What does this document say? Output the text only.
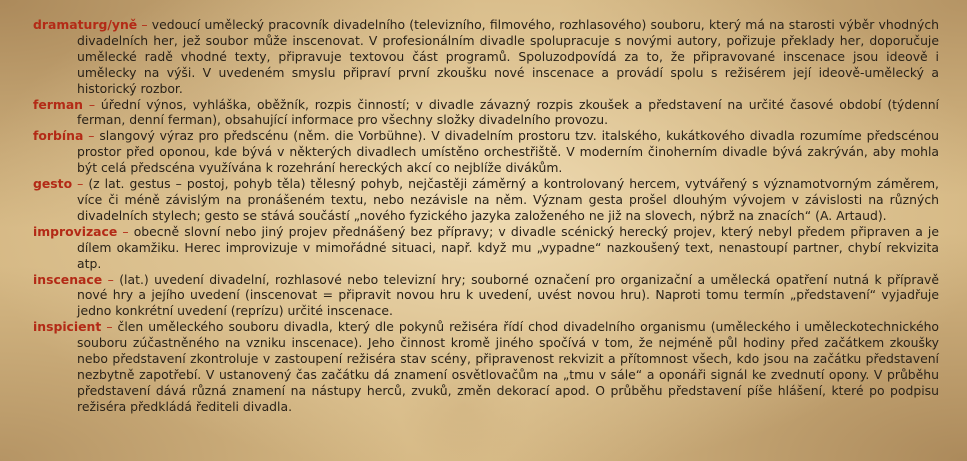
dramaturg/yně – vedoucí umělecký pracovník divadelního (televizního, filmového, rozhlasového) souboru, který má na starosti výběr vhodných divadelních her, jež soubor může inscenovat. V profesionálním divadle spolupracuje s novými autory, pořizuje překlady her, doporučuje umělecké radě vhodné texty, připravuje textovou část programů. Spoluzodpovídá za to, že připravované inscenace jsou ideově i umělecky na výši. V uvedeném smyslu připraví první zkoušku nové inscenace a provádí spolu s režisérem její ideově-umělecký a historický rozbor.

ferman – úřední výnos, vyhláška, oběžník, rozpis činností; v divadle závazný rozpis zkoušek a představení na určité časové období (týdenní ferman, denní ferman), obsahující informace pro všechny složky divadelního provozu.

forbína – slangový výraz pro předscénu (něm. die Vorbühne). V divadelním prostoru tzv. italského, kukátkového divadla rozumíme předscénou prostor před oponou, kde bývá v některých divadlech umístěno orchestřiště. V moderním činoherním divadle bývá zakrýván, aby mohla být celá předscéna využívána k rozehrání hereckých akcí co nejblíže divákům.

gesto – (z lat. gestus – postoj, pohyb těla) tělesný pohyb, nejčastěji záměrný a kontrolovaný hercem, vytvářený s významotvorným záměrem, více či méně závislým na pronášeném textu, nebo nezávisle na něm. Význam gesta prošel dlouhým vývojem v závislosti na různých divadelních stylech; gesto se stává součástí „nového fyzického jazyka založeného ne již na slovech, nýbrž na znacích“ (A. Artaud).

improvizace – obecně slovní nebo jiný projev přednášený bez přípravy; v divadle scénický herecký projev, který nebyl předem připraven a je dílem okamžiku. Herec improvizuje v mimořádné situaci, např. když mu „vypadne“ nazkoušený text, nenastoupí partner, chybí rekvizita atp.

inscenace – (lat.) uvedení divadelní, rozhlasové nebo televizní hry; souborné označení pro organizační a umělecká opatření nutná k přípravě nové hry a jejího uvedení (inscenovat = připravit novou hru k uvedení, uvést novou hru). Naproti tomu termín „představení“ vyjadřuje jedno konkrétní uvedení (reprízu) určité inscenace.

inspicient – člen uměleckého souboru divadla, který dle pokynů režiséra řídí chod divadelního organismu (uměleckého i uměleckotechnického souboru zúčastněného na vzniku inscenace). Jeho činnost kromě jiného spočívá v tom, že nejméně půl hodiny před začátkem zkoušky nebo představení zkontroluje v zastoupení režiséra stav scény, připravenost rekvizit a přítomnost všech, kdo jsou na začátku představení nezbytně zapotřebí. V ustanovený čas začátku dá znamení osvětlovačům na „tmu v sále“ a oponáři signál ke zvednutí opony. V průběhu představení dává různá znamení na nástupy herců, zvuků, změn dekorací apod. O průběhu představení píše hlášení, které po podpisu režiséra předkládá řediteli divadla.
